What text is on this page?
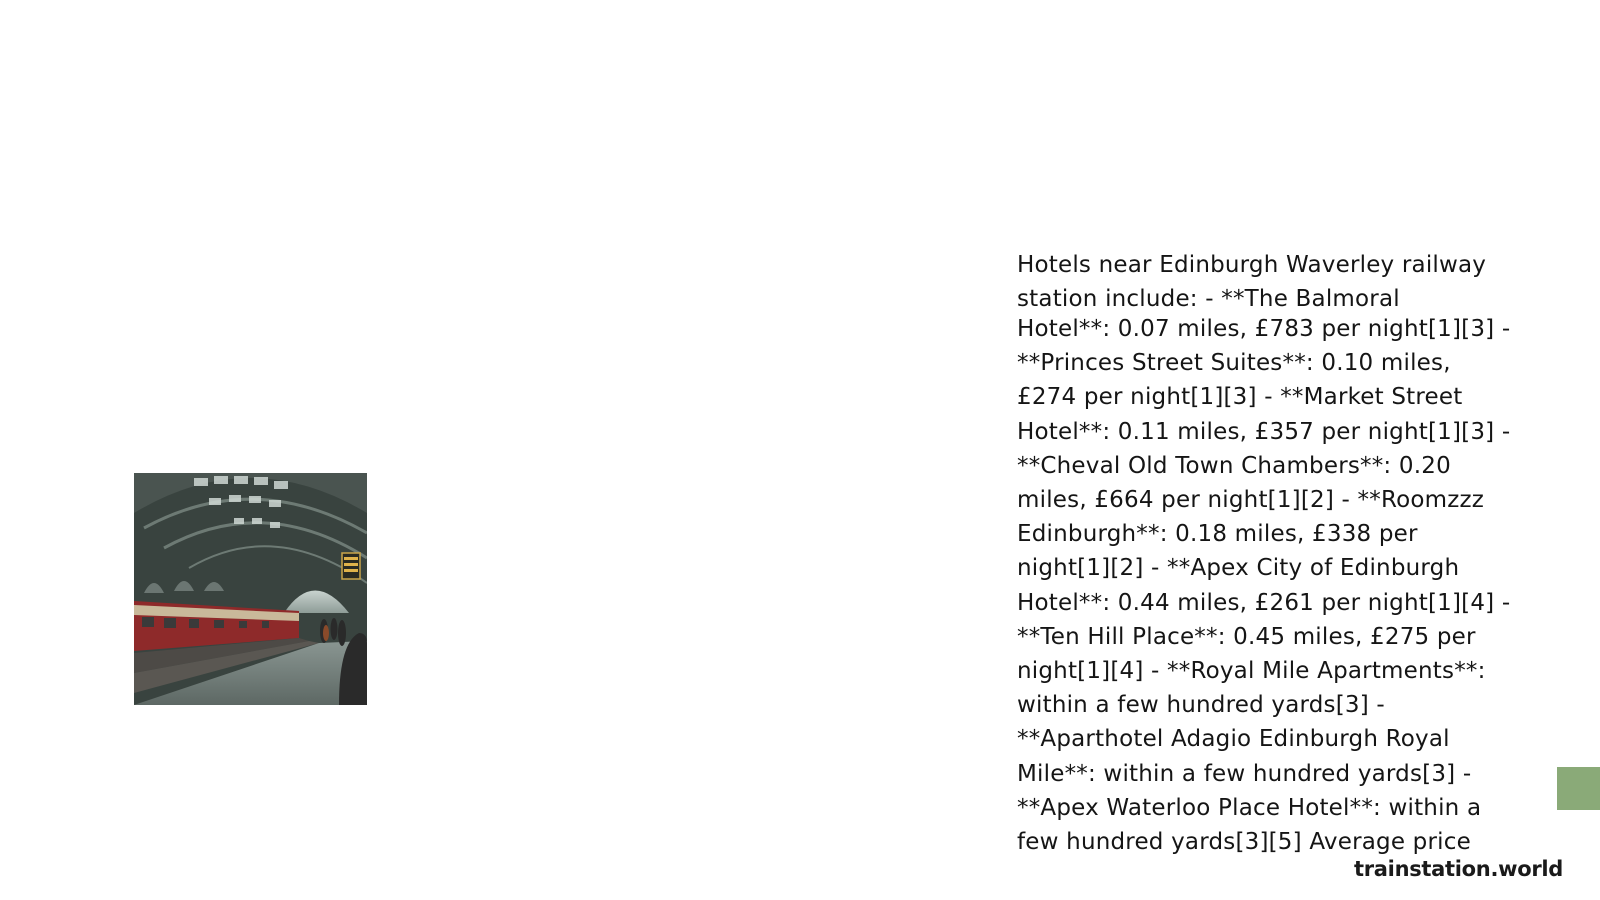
Hotels near Edinburgh Waverley railway station include: - **The Balmoral

Hotel**: 0.07 miles, £783 per night[1][3] - **Princes Street Suites**: 0.10 miles, £274 per night[1][3] - **Market Street Hotel**: 0.11 miles, £357 per night[1][3] - **Cheval Old Town Chambers**: 0.20 miles, £664 per night[1][2] - **Roomzzz Edinburgh**: 0.18 miles, £338 per night[1][2] - **Apex City of Edinburgh Hotel**: 0.44 miles, £261 per night[1][4] - **Ten Hill Place**: 0.45 miles, £275 per night[1][4] - **Royal Mile Apartments**: within a few hundred yards[3] - **Aparthotel Adagio Edinburgh Royal Mile**: within a few hundred yards[3] - **Apex Waterloo Place Hotel**: within a few hundred yards[3][5] Average price

trainstation.world
